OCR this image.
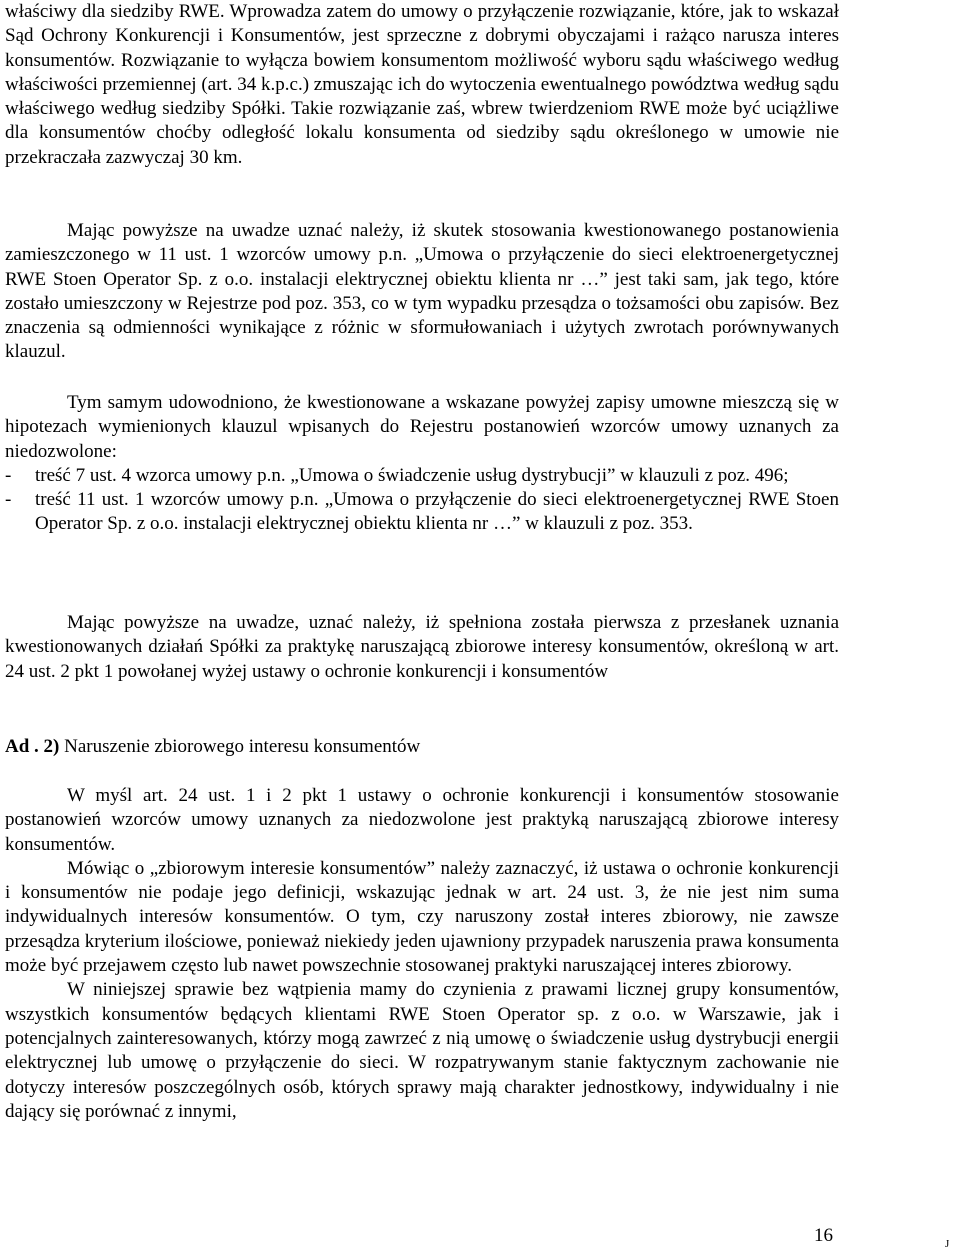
właściwy dla siedziby RWE. Wprowadza zatem do umowy o przyłączenie rozwiązanie, które, jak to wskazał Sąd Ochrony Konkurencji i Konsumentów, jest sprzeczne z dobrymi obyczajami i rażąco narusza interes konsumentów. Rozwiązanie to wyłącza bowiem konsumentom możliwość wyboru sądu właściwego według właściwości przemiennej (art. 34 k.p.c.) zmuszając ich do wytoczenia ewentualnego powództwa według sądu właściwego według siedziby Spółki. Takie rozwiązanie zaś, wbrew twierdzeniom RWE może być uciążliwe dla konsumentów choćby odległość lokalu konsumenta od siedziby sądu określonego w umowie nie przekraczała zazwyczaj 30 km.

Mając powyższe na uwadze uznać należy, iż skutek stosowania kwestionowanego postanowienia zamieszczonego w 11 ust. 1 wzorców umowy p.n. „Umowa o przyłączenie do sieci elektroenergetycznej RWE Stoen Operator Sp. z o.o. instalacji elektrycznej obiektu klienta nr …” jest taki sam, jak tego, które zostało umieszczony w Rejestrze pod poz. 353, co w tym wypadku przesądza o tożsamości obu zapisów. Bez znaczenia są odmienności wynikające z różnic w sformułowaniach i użytych zwrotach porównywanych klauzul.

Tym samym udowodniono, że kwestionowane a wskazane powyżej zapisy umowne mieszczą się w hipotezach wymienionych klauzul wpisanych do Rejestru postanowień wzorców umowy uznanych za niedozwolone:

-	treść 7 ust. 4 wzorca umowy p.n. „Umowa o świadczenie usług dystrybucji” w klauzuli z poz. 496;
-	treść 11 ust. 1 wzorców umowy p.n. „Umowa o przyłączenie do sieci elektroenergetycznej RWE Stoen Operator Sp. z o.o. instalacji elektrycznej obiektu klienta nr …” w klauzuli z poz. 353.

Mając powyższe na uwadze, uznać należy, iż spełniona została pierwsza z przesłanek uznania kwestionowanych działań Spółki za praktykę naruszającą zbiorowe interesy konsumentów, określoną w art. 24 ust. 2 pkt 1 powołanej wyżej ustawy o ochronie konkurencji i konsumentów

Ad . 2) Naruszenie zbiorowego interesu konsumentów

W myśl art. 24 ust. 1 i 2 pkt 1 ustawy o ochronie konkurencji i konsumentów stosowanie postanowień wzorców umowy uznanych za niedozwolone jest praktyką naruszającą zbiorowe interesy konsumentów.

Mówiąc o „zbiorowym interesie konsumentów” należy zaznaczyć, iż ustawa o ochronie konkurencji i konsumentów nie podaje jego definicji, wskazując jednak w art. 24 ust. 3, że nie jest nim suma indywidualnych interesów konsumentów. O tym, czy naruszony został interes zbiorowy, nie zawsze przesądza kryterium ilościowe, ponieważ niekiedy jeden ujawniony przypadek naruszenia prawa konsumenta może być przejawem często lub nawet powszechnie stosowanej praktyki naruszającej interes zbiorowy.

W niniejszej sprawie bez wątpienia mamy do czynienia z prawami licznej grupy konsumentów, wszystkich konsumentów będących klientami RWE Stoen Operator sp. z o.o. w Warszawie, jak i potencjalnych zainteresowanych, którzy mogą zawrzeć z nią umowę o świadczenie usług dystrybucji energii elektrycznej lub umowę o przyłączenie do sieci. W rozpatrywanym stanie faktycznym zachowanie nie dotyczy interesów poszczególnych osób, których sprawy mają charakter jednostkowy, indywidualny i nie dający się porównać z innymi,

16	J
